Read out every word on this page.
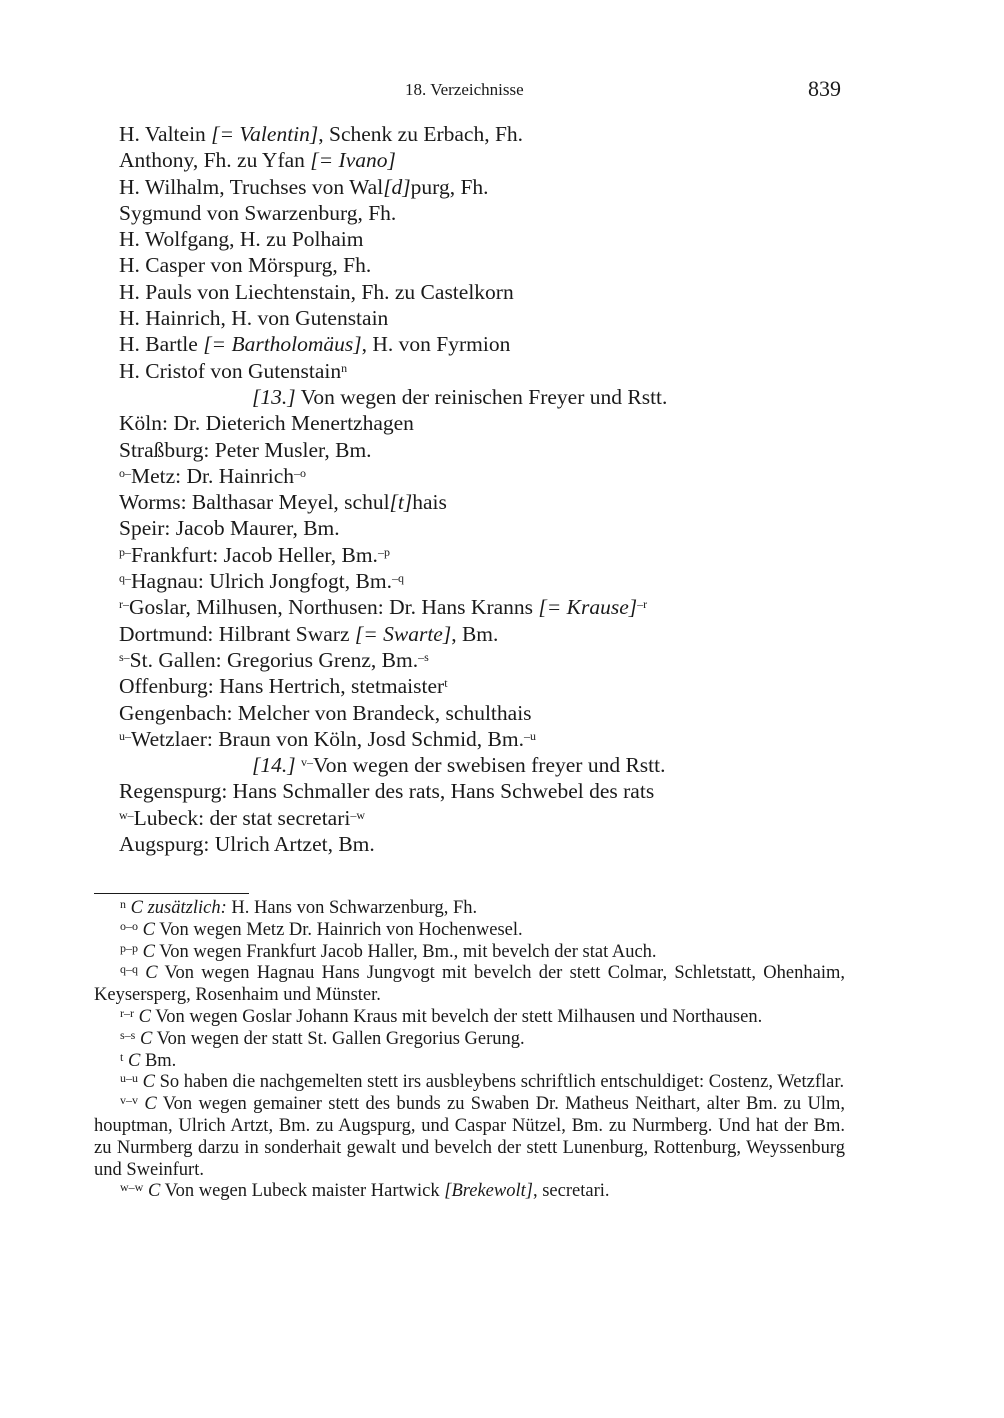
18. Verzeichnisse	839
H. Valtein [= Valentin], Schenk zu Erbach, Fh.
Anthony, Fh. zu Yfan [= Ivano]
H. Wilhalm, Truchses von Wal[d]purg, Fh.
Sygmund von Swarzenburg, Fh.
H. Wolfgang, H. zu Polhaim
H. Casper von Mörspurg, Fh.
H. Pauls von Liechtenstain, Fh. zu Castelkorn
H. Hainrich, H. von Gutenstain
H. Bartle [= Bartholomäus], H. von Fyrmion
H. Cristof von Gutenstain$^n$
[13.] Von wegen der reinischen Freyer und Rstt.
Köln: Dr. Dieterich Menertzhagen
Straßburg: Peter Musler, Bm.
$^{o-}$Metz: Dr. Hainrich$^{-o}$
Worms: Balthasar Meyel, schul[t]hais
Speir: Jacob Maurer, Bm.
$^{p-}$Frankfurt: Jacob Heller, Bm.$^{-p}$
$^{q-}$Hagnau: Ulrich Jongfogt, Bm.$^{-q}$
$^{r-}$Goslar, Milhusen, Northusen: Dr. Hans Kranns [= Krause]$^{-r}$
Dortmund: Hilbrant Swarz [= Swarte], Bm.
$^{s-}$St. Gallen: Gregorius Grenz, Bm.$^{-s}$
Offenburg: Hans Hertrich, stetmaister$^t$
Gengenbach: Melcher von Brandeck, schulthais
$^{u-}$Wetzlaer: Braun von Köln, Josd Schmid, Bm.$^{-u}$
[14.] $^{v-}$Von wegen der swebisen freyer und Rstt.
Regenspurg: Hans Schmaller des rats, Hans Schwebel des rats
$^{w-}$Lubeck: der stat secretari$^{-w}$
Augspurg: Ulrich Artzet, Bm.

$^n$ C zusätzlich: H. Hans von Schwarzenburg, Fh.

$^{o-o}$ C Von wegen Metz Dr. Hainrich von Hochenwesel.

$^{p-p}$ C Von wegen Frankfurt Jacob Haller, Bm., mit bevelch der stat Auch.

$^{q-q}$ C Von wegen Hagnau Hans Jungvogt mit bevelch der stett Colmar, Schletstatt, Ohenhaim, Keysersperg, Rosenhaim und Münster.

$^{r-r}$ C Von wegen Goslar Johann Kraus mit bevelch der stett Milhausen und Northausen.

$^{s-s}$ C Von wegen der statt St. Gallen Gregorius Gerung.

$^t$ C Bm.

$^{u-u}$ C So haben die nachgemelten stett irs ausbleybens schriftlich entschuldiget: Costenz, Wetzflar.

$^{v-v}$ C Von wegen gemainer stett des bunds zu Swaben Dr. Matheus Neithart, alter Bm. zu Ulm, houptman, Ulrich Artzt, Bm. zu Augspurg, und Caspar Nützel, Bm. zu Nurmberg. Und hat der Bm. zu Nurmberg darzu in sonderhait gewalt und bevelch der stett Lunenburg, Rottenburg, Weyssenburg und Sweinfurt.

$^{w-w}$ C Von wegen Lubeck maister Hartwick [Brekewolt], secretari.
